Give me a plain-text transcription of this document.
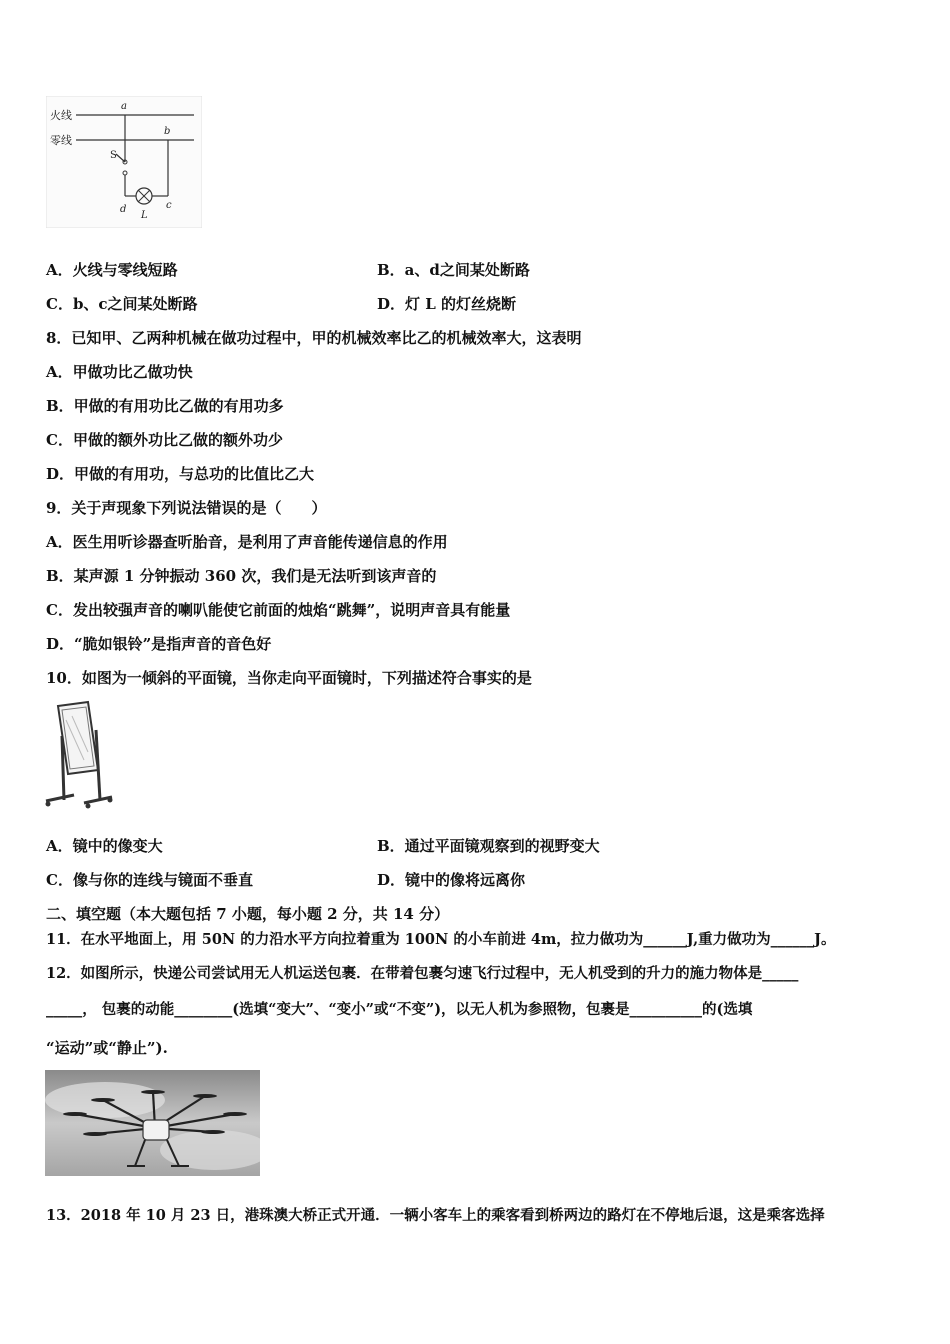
火线
零线
a
S
L
b
d	c
A．火线与零线短路	B．a、d之间某处断路
C．b、c之间某处断路	D．灯 L 的灯丝烧断
8．已知甲、乙两种机械在做功过程中，甲的机械效率比乙的机械效率大，这表明
A．甲做功比乙做功快
B．甲做的有用功比乙做的有用功多
C．甲做的额外功比乙做的额外功少
D．甲做的有用功，与总功的比值比乙大
9．关于声现象下列说法错误的是（　　）
A．医生用听诊器查听胎音，是利用了声音能传递信息的作用
B．某声源 1 分钟振动 360 次，我们是无法听到该声音的
C．发出较强声音的喇叭能使它前面的烛焰“跳舞”，说明声音具有能量
D．“脆如银铃”是指声音的音色好
10．如图为一倾斜的平面镜，当你走向平面镜时，下列描述符合事实的是
A．镜中的像变大	B．通过平面镜观察到的视野变大
C．像与你的连线与镜面不垂直	D．镜中的像将远离你
二、填空题（本大题包括 7 小题，每小题 2 分，共 14 分）
11．在水平地面上，用 50N 的力沿水平方向拉着重为 100N 的小车前进 4m，拉力做功为______J,重力做功为______J。
12．如图所示，快递公司尝试用无人机运送包裹．在带着包裹匀速飞行过程中，无人机受到的升力的施力物体是_____
_____， 包裹的动能________(选填“变大”、“变小”或“不变”)，以无人机为参照物，包裹是__________的(选填
“运动”或“静止”).
13．2018 年 10 月 23 日，港珠澳大桥正式开通．一辆小客车上的乘客看到桥两边的路灯在不停地后退，这是乘客选择
